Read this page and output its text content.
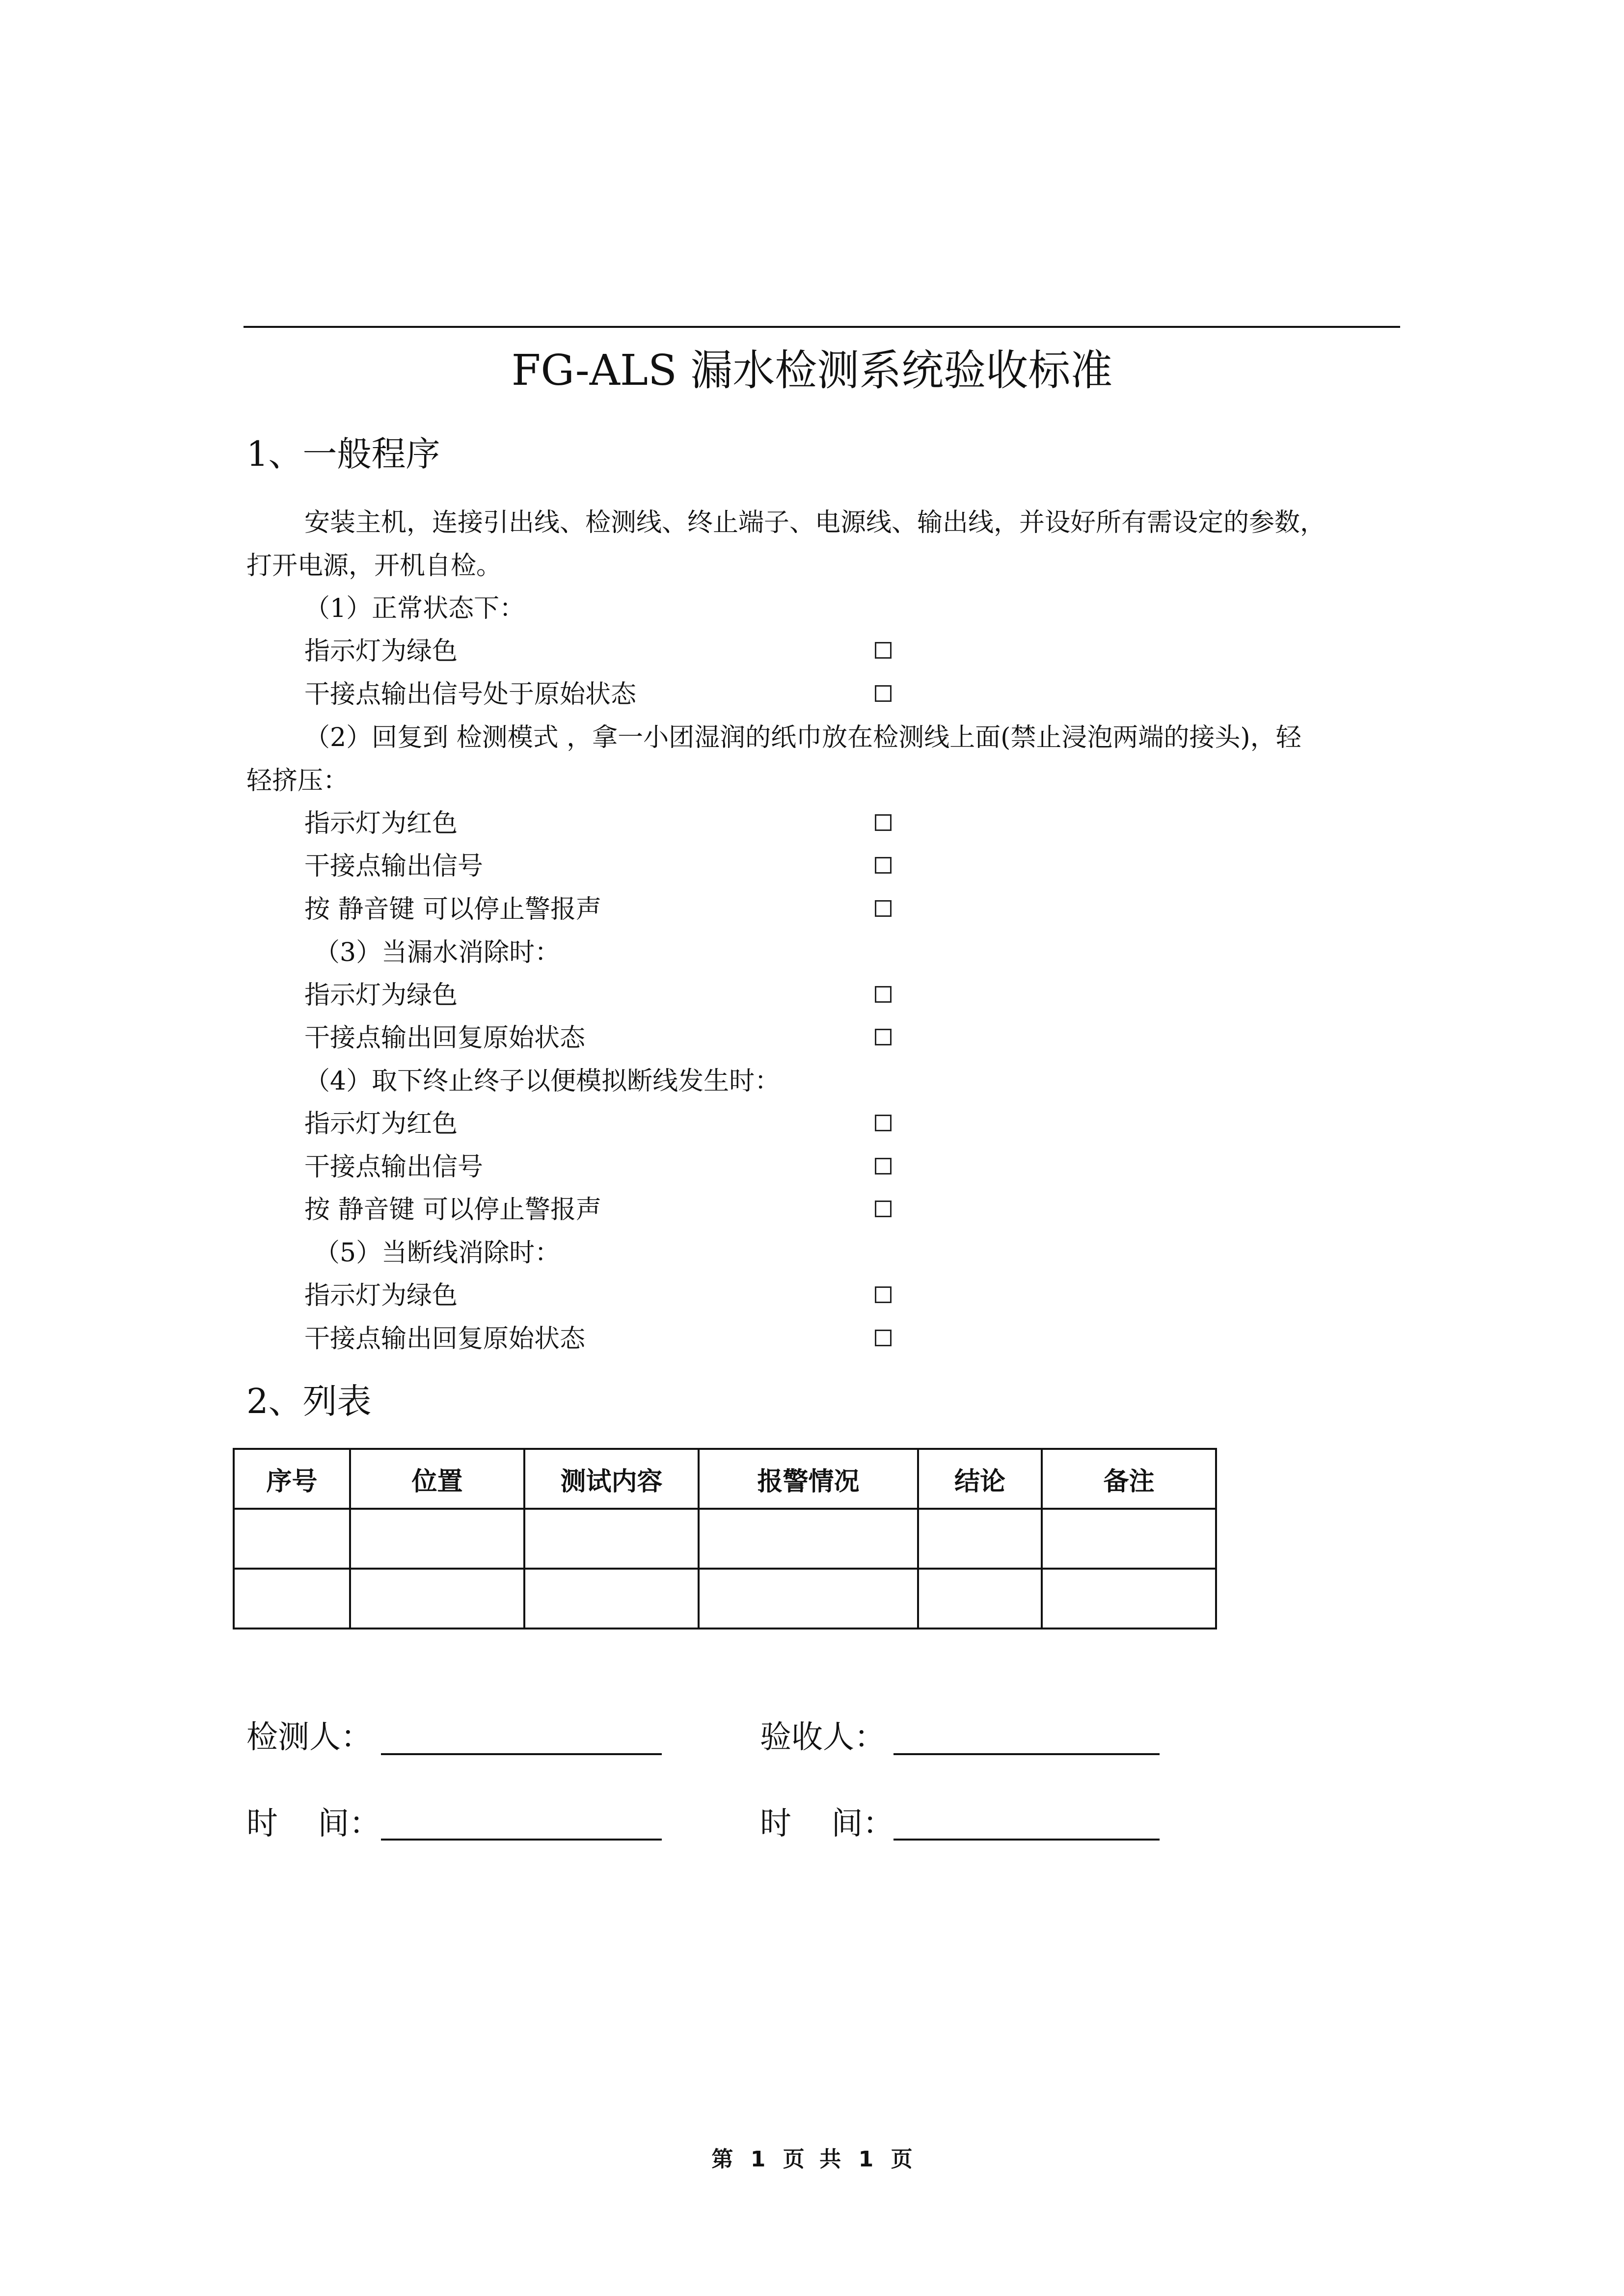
FG-ALS 漏水检测系统验收标准
1、一般程序
安装主机，连接引出线、检测线、终止端子、电源线、输出线，并设好所有需设定的参数，
打开电源，开机自检。
（1）正常状态下：
指示灯为绿色
干接点输出信号处于原始状态
（2）回复到 检测模式 ，拿一小团湿润的纸巾放在检测线上面(禁止浸泡两端的接头)，轻
轻挤压：
指示灯为红色
干接点输出信号
按 静音键 可以停止警报声
（3）当漏水消除时：
指示灯为绿色
干接点输出回复原始状态
（4）取下终止终子以便模拟断线发生时：
指示灯为红色
干接点输出信号
按 静音键 可以停止警报声
（5）当断线消除时：
指示灯为绿色
干接点输出回复原始状态
2、列表
序号	位置	测试内容	报警情况	结论	备注

检测人：	验收人：
时    间：	时    间：
第 1 页  共 1 页
